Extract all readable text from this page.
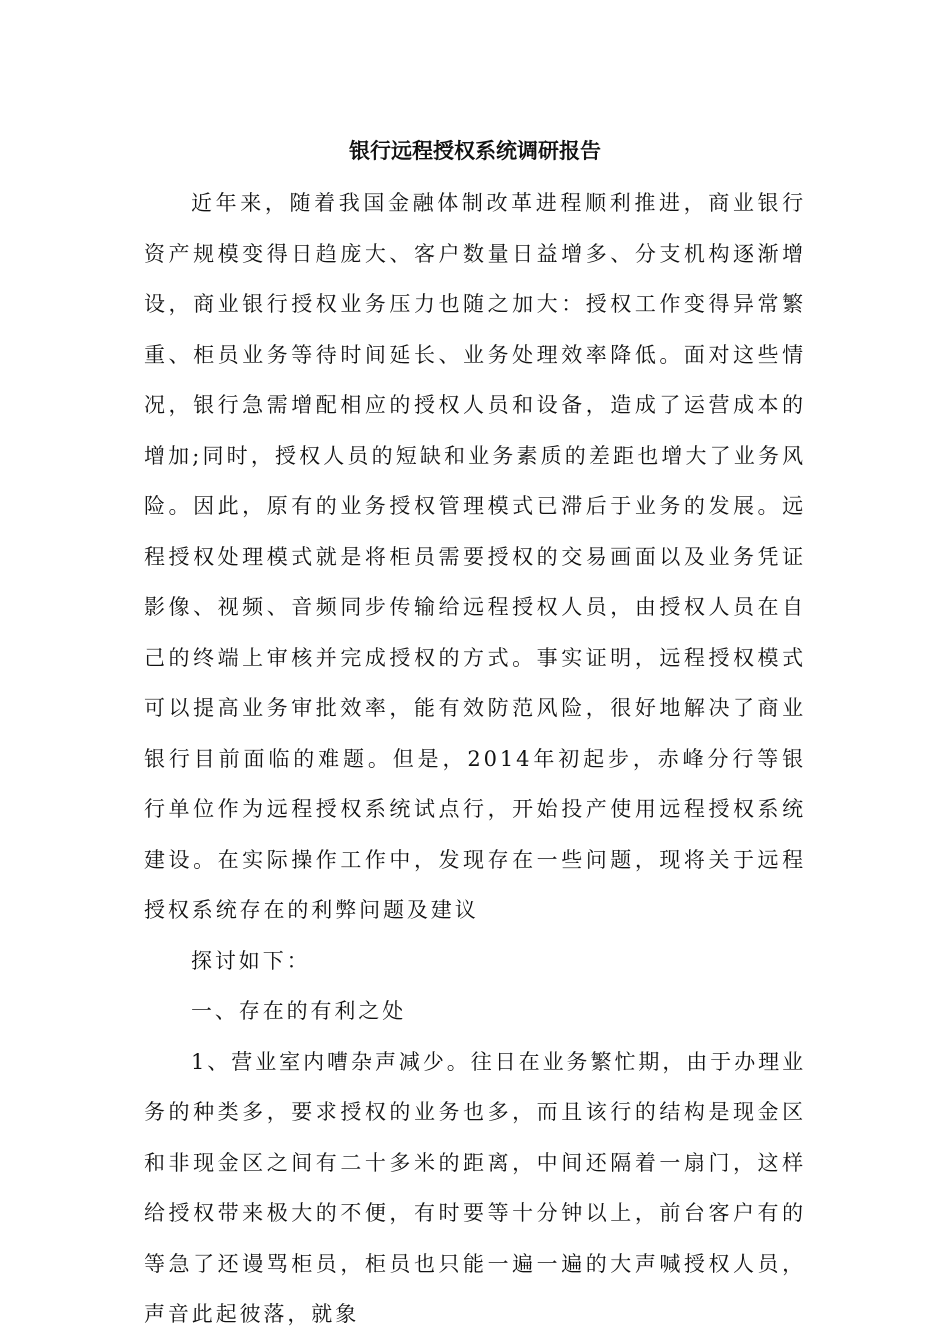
银行远程授权系统调研报告

近年来，随着我国金融体制改革进程顺利推进，商业银行资产规模变得日趋庞大、客户数量日益增多、分支机构逐渐增设，商业银行授权业务压力也随之加大：授权工作变得异常繁重、柜员业务等待时间延长、业务处理效率降低。面对这些情况，银行急需增配相应的授权人员和设备，造成了运营成本的增加;同时，授权人员的短缺和业务素质的差距也增大了业务风险。因此，原有的业务授权管理模式已滞后于业务的发展。远程授权处理模式就是将柜员需要授权的交易画面以及业务凭证影像、视频、音频同步传输给远程授权人员，由授权人员在自己的终端上审核并完成授权的方式。事实证明，远程授权模式可以提高业务审批效率，能有效防范风险，很好地解决了商业银行目前面临的难题。但是，2014年初起步，赤峰分行等银行单位作为远程授权系统试点行，开始投产使用远程授权系统建设。在实际操作工作中，发现存在一些问题，现将关于远程授权系统存在的利弊问题及建议

探讨如下：

一、存在的有利之处

1、营业室内嘈杂声减少。往日在业务繁忙期，由于办理业务的种类多，要求授权的业务也多，而且该行的结构是现金区和非现金区之间有二十多米的距离，中间还隔着一扇门，这样给授权带来极大的不便，有时要等十分钟以上，前台客户有的等急了还谩骂柜员，柜员也只能一遍一遍的大声喊授权人员，声音此起彼落，就象
